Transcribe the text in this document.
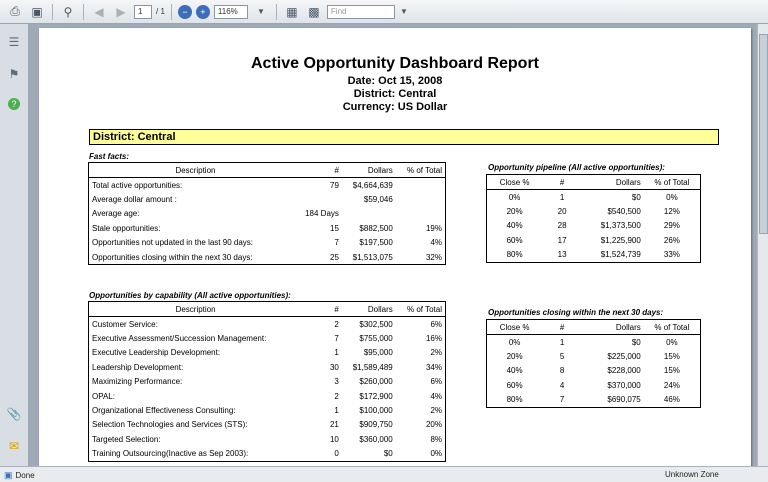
⎙ ▣	⚲	◀	▶	1	/ 1	−	+	116%	▼	▦ ▩	Find	▼
☰
⚑
?
📎
✉
Active Opportunity Dashboard Report
Date: Oct 15, 2008
District: Central
Currency: US Dollar
District: Central
Fast facts:
Description	#	Dollars	% of Total
Total active opportunities:	79	$4,664,639	
Average dollar amount :		$59,046	
Average age:	184 Days		
Stale opportunities:	15	$882,500	19%
Opportunities not updated in the last 90 days:	7	$197,500	4%
Opportunities closing within the next 30 days:	25	$1,513,075	32%
Opportunity pipeline (All active opportunities):
Close %	#	Dollars	% of Total
0%	1	$0	0%
20%	20	$540,500	12%
40%	28	$1,373,500	29%
60%	17	$1,225,900	26%
80%	13	$1,524,739	33%
Opportunities by capability (All active opportunities):
Description	#	Dollars	% of Total
Customer Service:	2	$302,500	6%
Executive Assessment/Succession Management:	7	$755,000	16%
Executive Leadership Development:	1	$95,000	2%
Leadership Development:	30	$1,589,489	34%
Maximizing Performance:	3	$260,000	6%
OPAL:	2	$172,900	4%
Organizational Effectiveness Consulting:	1	$100,000	2%
Selection Technologies and Services (STS):	21	$909,750	20%
Targeted Selection:	10	$360,000	8%
Training Outsourcing(Inactive as Sep 2003):	0	$0	0%
Opportunities closing within the next 30 days:
Close %	#	Dollars	% of Total
0%	1	$0	0%
20%	5	$225,000	15%
40%	8	$228,000	15%
60%	4	$370,000	24%
80%	7	$690,075	46%
▣ Done	Unknown Zone
